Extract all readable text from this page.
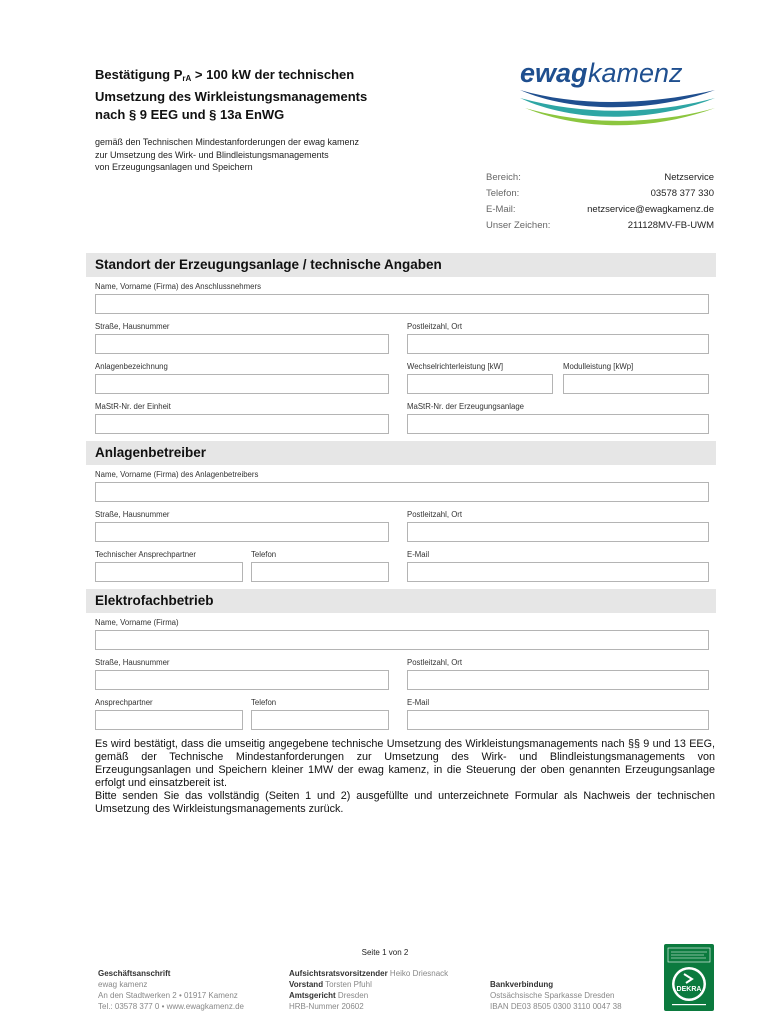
Bestätigung $P_{rA} > 100$ kW der technischen
Umsetzung des Wirkleistungsmanagements
nach § 9 EEG und § 13a EnWG
ewag kamenz
gemäß den Technischen Mindestanforderungen der ewag kamenz
zur Umsetzung des Wirk- und Blindleistungsmanagements
von Erzeugungsanlagen und Speichern
Bereich:	Netzservice
Telefon:	03578 377 330
E-Mail:	netzservice@ewagkamenz.de
Unser Zeichen:	211128MV-FB-UWM
Standort der Erzeugungsanlage / technische Angaben
Name, Vorname (Firma) des Anschlussnehmers
Straße, Hausnummer	Postleitzahl, Ort
Anlagenbezeichnung	Wechselrichterleistung [kW]	Modulleistung [kWp]
MaStR-Nr. der Einheit	MaStR-Nr. der Erzeugungsanlage
Anlagenbetreiber
Name, Vorname (Firma) des Anlagenbetreibers
Straße, Hausnummer	Postleitzahl, Ort
Technischer Ansprechpartner	Telefon	E-Mail
Elektrofachbetrieb
Name, Vorname (Firma)
Straße, Hausnummer	Postleitzahl, Ort
Ansprechpartner	Telefon	E-Mail

Es wird bestätigt, dass die umseitig angegebene technische Umsetzung des Wirkleistungsmanagements nach §§ 9 und 13 EEG, gemäß der Technische Mindestanforderungen zur Umsetzung des Wirk- und Blindleistungsmanagements von Erzeugungsanlagen und Speichern kleiner 1MW der ewag kamenz, in die Steuerung der oben genannten Erzeugungsanlage erfolgt und einsatzbereit ist.

Bitte senden Sie das vollständig (Seiten 1 und 2) ausgefüllte und unterzeichnete Formular als Nachweis der technischen Umsetzung des Wirkleistungsmanagements zurück.

Seite 1 von 2
Geschäftsanschrift
ewag kamenz
An den Stadtwerken 2 • 01917 Kamenz
Tel.: 03578 377 0 • www.ewagkamenz.de
Aufsichtsratsvorsitzender Heiko Driesnack
Vorstand Torsten Pfuhl
Amtsgericht Dresden
HRB-Nummer 20602
Bankverbindung
Ostsächsische Sparkasse Dresden
IBAN DE03 8505 0300 3110 0047 38
DEKRA
